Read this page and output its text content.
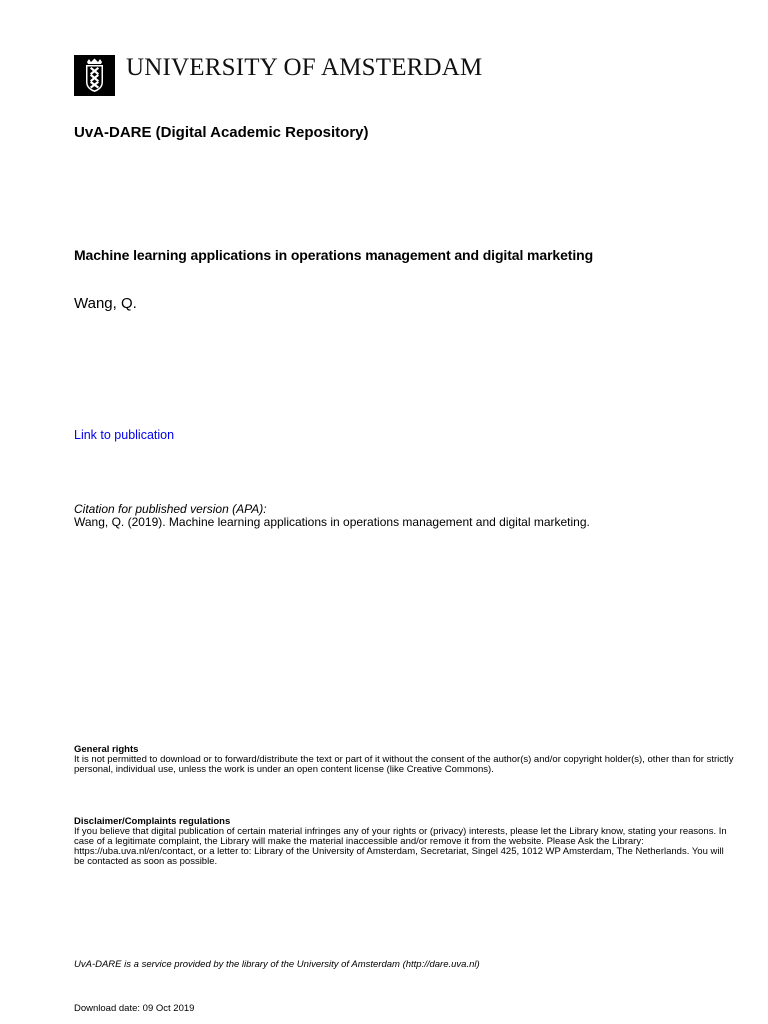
UNIVERSITY OF AMSTERDAM
UvA-DARE (Digital Academic Repository)
Machine learning applications in operations management and digital marketing
Wang, Q.
Link to publication
Citation for published version (APA):
Wang, Q. (2019). Machine learning applications in operations management and digital marketing.
General rights
It is not permitted to download or to forward/distribute the text or part of it without the consent of the author(s) and/or copyright holder(s), other than for strictly personal, individual use, unless the work is under an open content license (like Creative Commons).
Disclaimer/Complaints regulations
If you believe that digital publication of certain material infringes any of your rights or (privacy) interests, please let the Library know, stating your reasons. In case of a legitimate complaint, the Library will make the material inaccessible and/or remove it from the website. Please Ask the Library: https://uba.uva.nl/en/contact, or a letter to: Library of the University of Amsterdam, Secretariat, Singel 425, 1012 WP Amsterdam, The Netherlands. You will be contacted as soon as possible.
UvA-DARE is a service provided by the library of the University of Amsterdam (http://dare.uva.nl)
Download date: 09 Oct 2019
